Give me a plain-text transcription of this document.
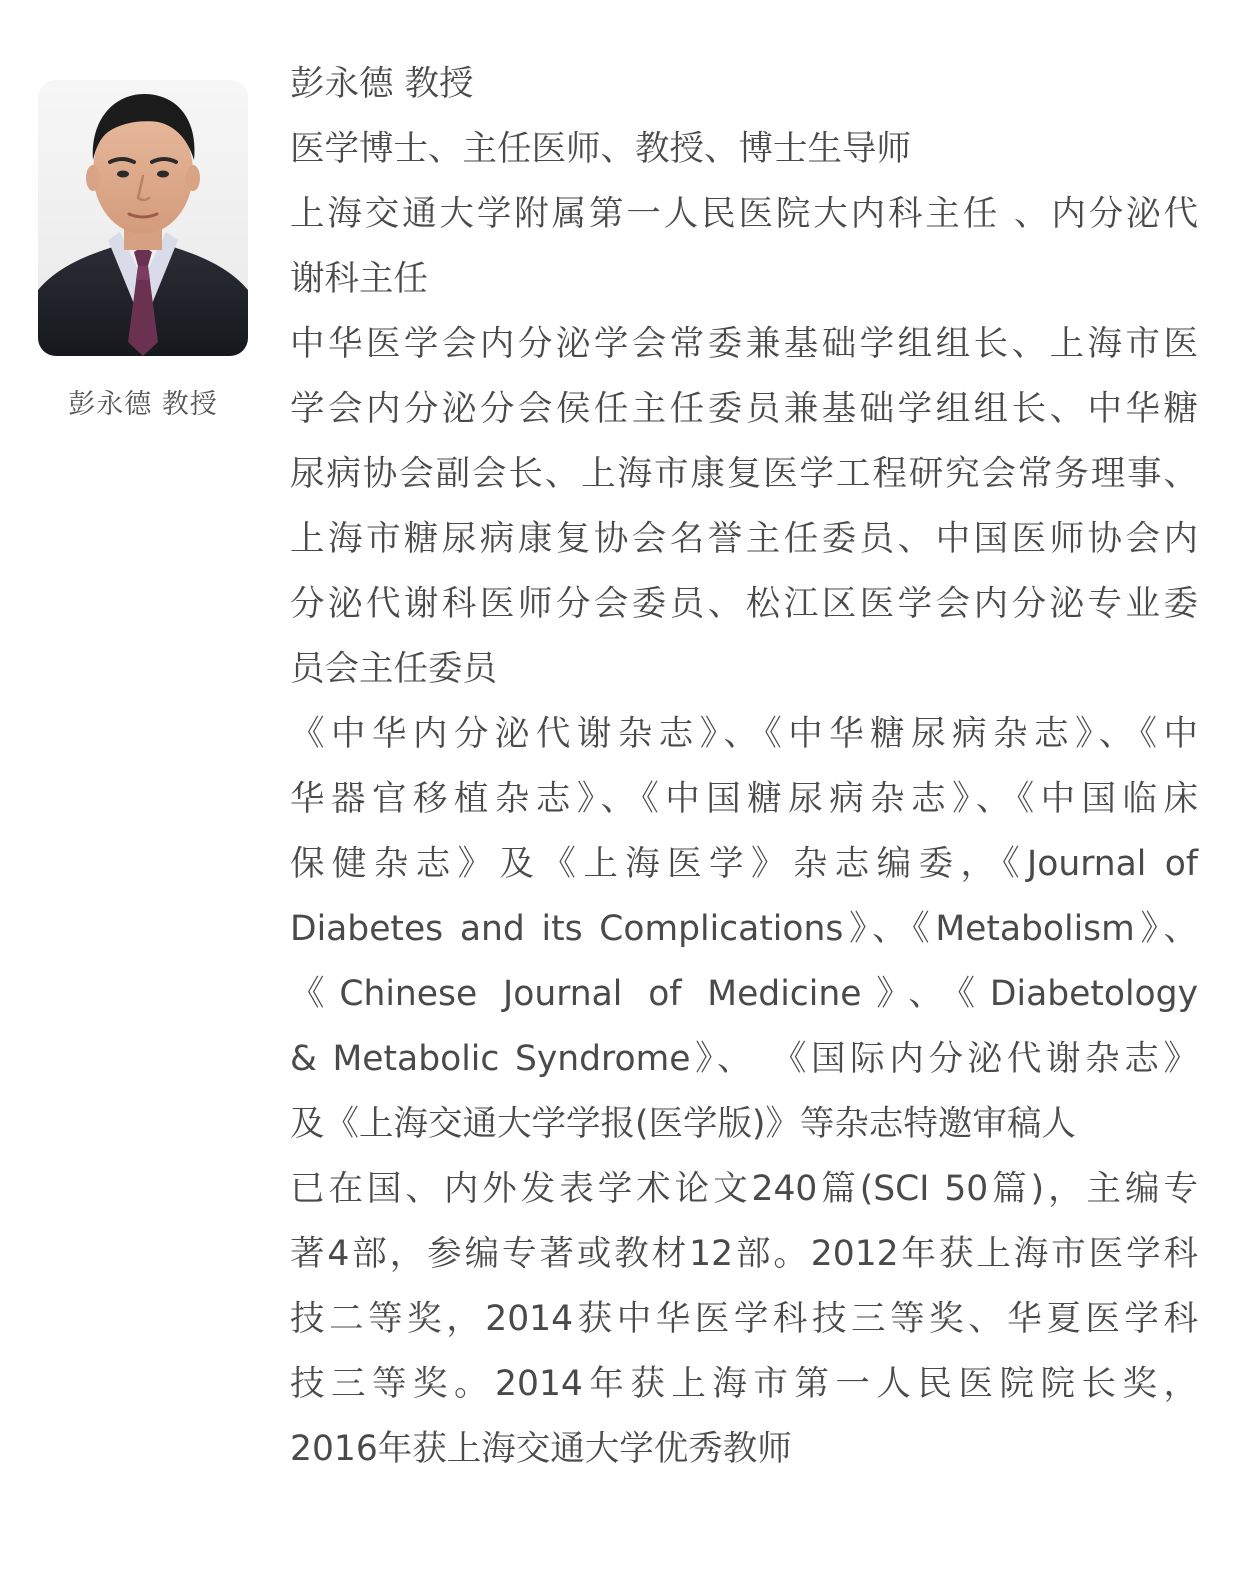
彭永德 教授
彭永德 教授
医学博士、主任医师、教授、博士生导师
上海交通大学附属第一人民医院大内科主任 、内分泌代
谢科主任
中华医学会内分泌学会常委兼基础学组组长、上海市医
学会内分泌分会侯任主任委员兼基础学组组长、中华糖
尿病协会副会长、上海市康复医学工程研究会常务理事、
上海市糖尿病康复协会名誉主任委员、中国医师协会内
分泌代谢科医师分会委员、松江区医学会内分泌专业委
员会主任委员
《中华内分泌代谢杂志》、《中华糖尿病杂志》、《中
华器官移植杂志》、《中国糖尿病杂志》、《中国临床
保健杂志》及《上海医学》杂志编委，《Journal of
Diabetes and its Complications》、《Metabolism》、
《Chinese Journal of Medicine》、《Diabetology
& Metabolic Syndrome》、 《国际内分泌代谢杂志》
及《上海交通大学学报(医学版)》等杂志特邀审稿人
已在国、内外发表学术论文240篇(SCI 50篇)，主编专
著4部，参编专著或教材12部。2012年获上海市医学科
技二等奖，2014获中华医学科技三等奖、华夏医学科
技三等奖。2014年获上海市第一人民医院院长奖，
2016年获上海交通大学优秀教师
